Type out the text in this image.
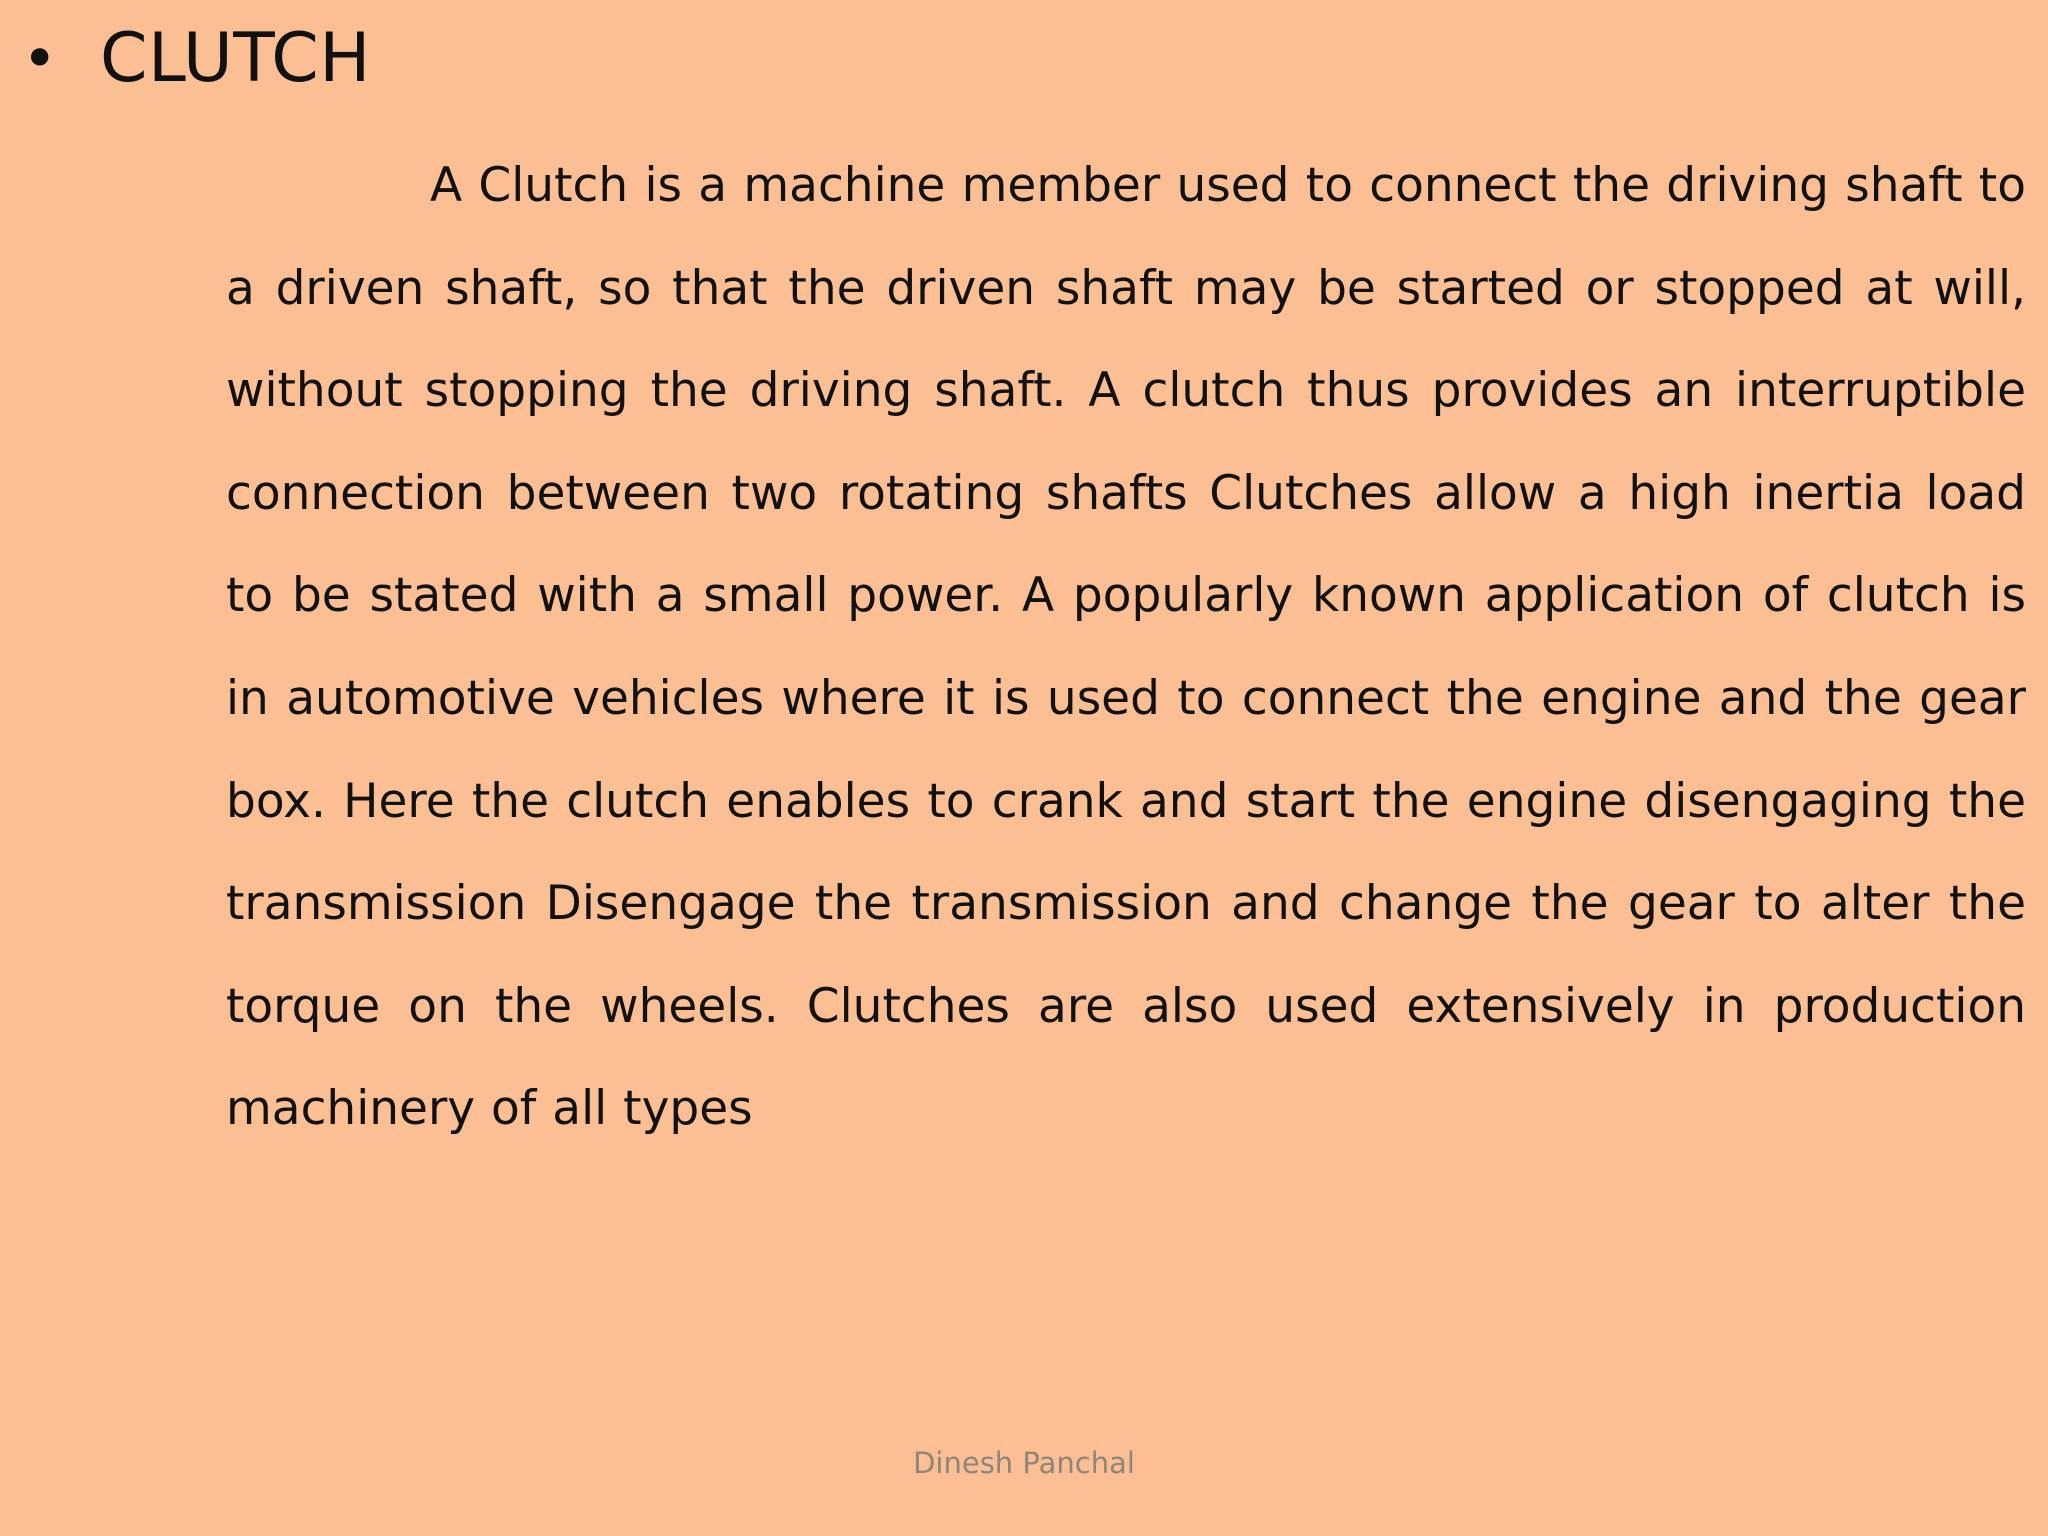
• CLUTCH

A Clutch is a machine member used to connect the driving shaft to a driven shaft, so that the driven shaft may be started or stopped at will, without stopping the driving shaft. A clutch thus provides an interruptible connection between two rotating shafts Clutches allow a high inertia load to be stated with a small power. A popularly known application of clutch is in automotive vehicles where it is used to connect the engine and the gear box. Here the clutch enables to crank and start the engine disengaging the transmission Disengage the transmission and change the gear to alter the torque on the wheels. Clutches are also used extensively in production machinery of all types

Dinesh Panchal
